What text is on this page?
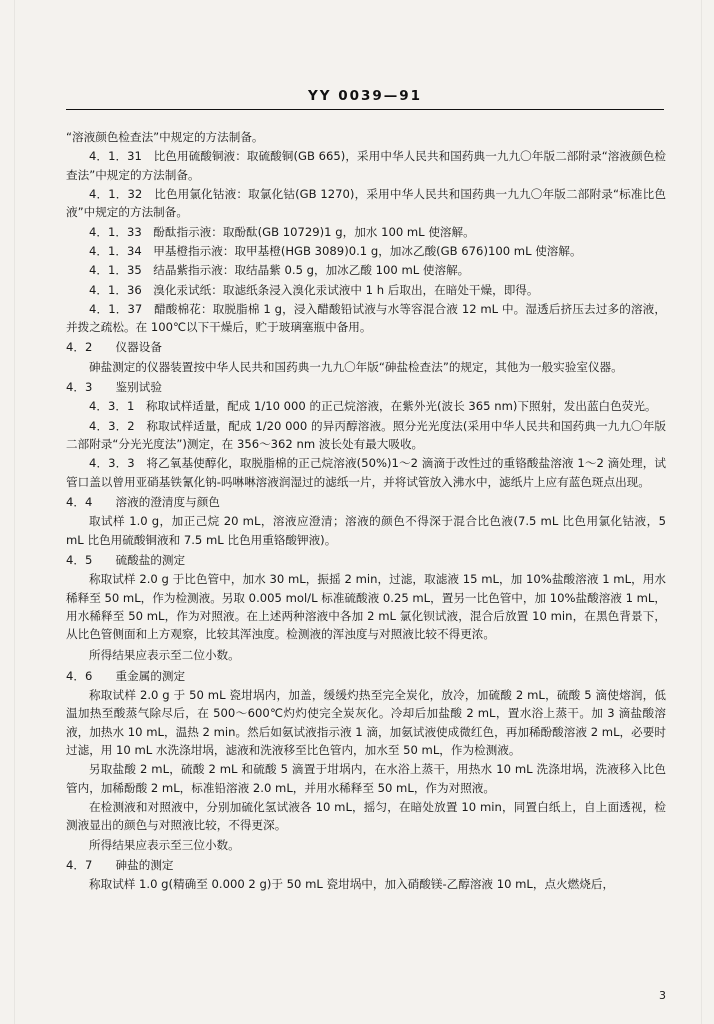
YY 0039—91
“溶液颜色检查法”中规定的方法制备。
4．1．31　比色用硫酸铜液：取硫酸铜(GB 665)，采用中华人民共和国药典一九九〇年版二部附录“溶液颜色检查法”中规定的方法制备。
4．1．32　比色用氯化钴液：取氯化钴(GB 1270)，采用中华人民共和国药典一九九〇年版二部附录“标准比色液”中规定的方法制备。
4．1．33　酚酞指示液：取酚酞(GB 10729)1 g，加水 100 mL 使溶解。
4．1．34　甲基橙指示液：取甲基橙(HGB 3089)0.1 g，加冰乙酸(GB 676)100 mL 使溶解。
4．1．35　结晶紫指示液：取结晶紫 0.5 g，加冰乙酸 100 mL 使溶解。
4．1．36　溴化汞试纸：取滤纸条浸入溴化汞试液中 1 h 后取出，在暗处干燥，即得。
4．1．37　醋酸棉花：取脱脂棉 1 g，浸入醋酸铅试液与水等容混合液 12 mL 中。湿透后挤压去过多的溶液，并拨之疏松。在 100℃以下干燥后，贮于玻璃塞瓶中备用。
4．2　　仪器设备
砷盐测定的仪器装置按中华人民共和国药典一九九〇年版“砷盐检查法”的规定，其他为一般实验室仪器。
4．3　　鉴别试验
4．3．1　称取试样适量，配成 1/10 000 的正己烷溶液，在紫外光(波长 365 nm)下照射，发出蓝白色荧光。
4．3．2　称取试样适量，配成 1/20 000 的异丙醇溶液。照分光光度法(采用中华人民共和国药典一九九〇年版二部附录“分光光度法”)测定，在 356～362 nm 波长处有最大吸收。
4．3．3　将乙氧基使醇化，取脱脂棉的正己烷溶液(50%)1～2 滴滴于改性过的重铬酸盐溶液 1～2 滴处理，试管口盖以曾用亚硝基铁氰化钠-吗啉啉溶液润湿过的滤纸一片，并将试管放入沸水中，滤纸片上应有蓝色斑点出现。
4．4　　溶液的澄清度与颜色
取试样 1.0 g，加正己烷 20 mL，溶液应澄清；溶液的颜色不得深于混合比色液(7.5 mL 比色用氯化钴液，5 mL 比色用硫酸铜液和 7.5 mL 比色用重铬酸钾液)。
4．5　　硫酸盐的测定
称取试样 2.0 g 于比色管中，加水 30 mL，振摇 2 min，过滤，取滤液 15 mL，加 10%盐酸溶液 1 mL，用水稀释至 50 mL，作为检测液。另取 0.005 mol/L 标准硫酸液 0.25 mL，置另一比色管中，加 10%盐酸溶液 1 mL，用水稀释至 50 mL，作为对照液。在上述两种溶液中各加 2 mL 氯化钡试液，混合后放置 10 min，在黑色背景下，从比色管侧面和上方观察，比较其浑浊度。检测液的浑浊度与对照液比较不得更浓。
所得结果应表示至二位小数。
4．6　　重金属的测定
称取试样 2.0 g 于 50 mL 瓷坩埚内，加盖，缓缓灼热至完全炭化，放冷，加硫酸 2 mL，硫酸 5 滴使熔润，低温加热至酸蒸气除尽后，在 500～600℃灼灼使完全炭灰化。冷却后加盐酸 2 mL，置水浴上蒸干。加 3 滴盐酸溶液，加热水 10 mL，温热 2 min。然后如氨试液指示液 1 滴，加氨试液使成微红色，再加稀酚酸溶液 2 mL，必要时过滤，用 10 mL 水洗涤坩埚，滤液和洗液移至比色管内，加水至 50 mL，作为检测液。
另取盐酸 2 mL，硫酸 2 mL 和硫酸 5 滴置于坩埚内，在水浴上蒸干，用热水 10 mL 洗涤坩埚，洗液移入比色管内，加稀酚酸 2 mL，标准铅溶液 2.0 mL，并用水稀释至 50 mL，作为对照液。
在检测液和对照液中，分别加硫化氢试液各 10 mL，摇匀，在暗处放置 10 min，同置白纸上，自上面透视，检测液显出的颜色与对照液比较，不得更深。
所得结果应表示至三位小数。
4．7　　砷盐的测定
称取试样 1.0 g(精确至 0.000 2 g)于 50 mL 瓷坩埚中，加入硝酸镁-乙醇溶液 10 mL，点火燃烧后，
3
